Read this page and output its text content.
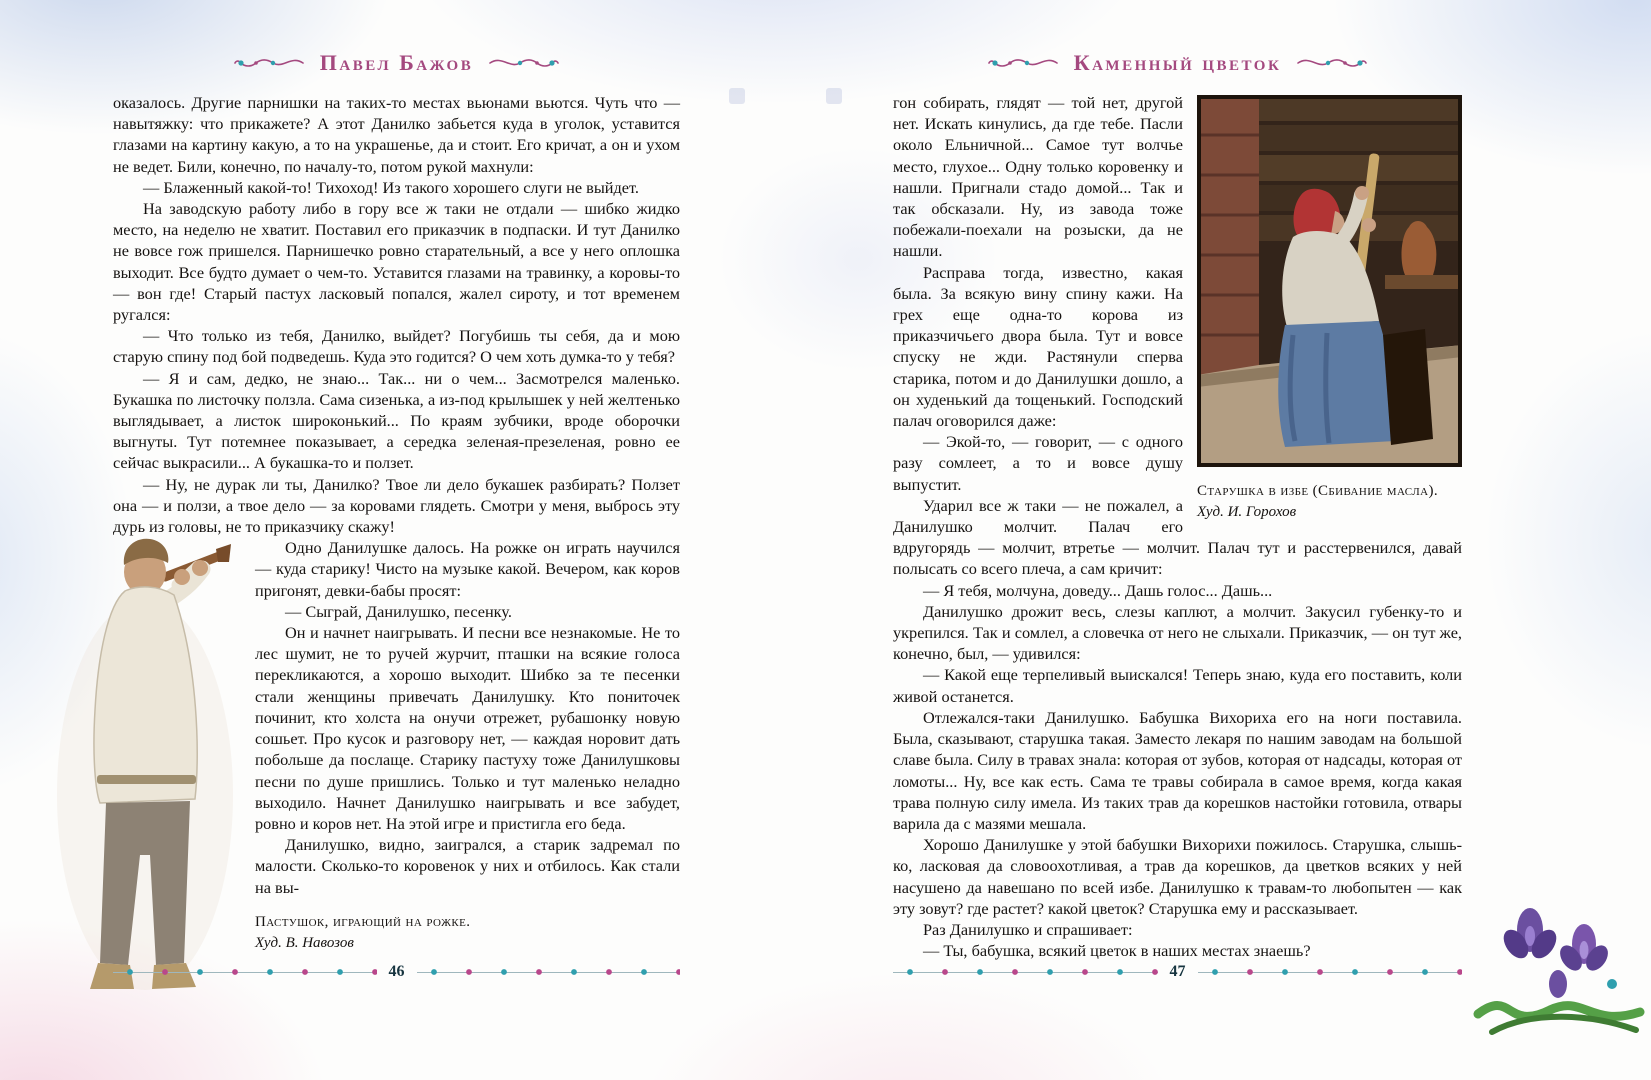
Павел Бажов	Каменный цветок

оказалось. Другие парнишки на таких-то местах вьюнами вьются. Чуть что — навытяжку: что прикажете? А этот Данилко забьется куда в уголок, уставится глазами на картину какую, а то на украшенье, да и стоит. Его кричат, а он и ухом не ведет. Били, конечно, по началу-то, потом рукой махнули:

— Блаженный какой-то! Тихоход! Из такого хорошего слуги не выйдет.

На заводскую работу либо в гору все ж таки не отдали — шибко жидко место, на неделю не хватит. Поставил его приказчик в подпаски. И тут Данилко не вовсе гож пришелся. Парнишечко ровно старательный, а все у него оплошка выходит. Все будто думает о чем-то. Уставится глазами на травинку, а коровы-то — вон где! Старый пастух ласковый попался, жалел сироту, и тот временем ругался:

— Что только из тебя, Данилко, выйдет? Погубишь ты себя, да и мою старую спину под бой подведешь. Куда это годится? О чем хоть думка-то у тебя?

— Я и сам, дедко, не знаю... Так... ни о чем... Засмотрелся маленько. Букашка по листочку ползла. Сама сизенька, а из-под крылышек у ней желтенько выглядывает, а листок широконький... По краям зубчики, вроде оборочки выгнуты. Тут потемнее показывает, а середка зеленая-презеленая, ровно ее сейчас выкрасили... А букашка-то и ползет.

— Ну, не дурак ли ты, Данилко? Твое ли дело букашек разбирать? Ползет она — и ползи, а твое дело — за коровами глядеть. Смотри у меня, выбрось эту дурь из головы, не то приказчику скажу!

Одно Данилушке далось. На рожке он играть научился — куда старику! Чисто на музыке какой. Вечером, как коров пригонят, девки-бабы просят:

— Сыграй, Данилушко, песенку.

Он и начнет наигрывать. И песни все незнакомые. Не то лес шумит, не то ручей журчит, пташки на всякие голоса перекликаются, а хорошо выходит. Шибко за те песенки стали женщины привечать Данилушку. Кто пониточек починит, кто холста на онучи отрежет, рубашонку новую сошьет. Про кусок и разговору нет, — каждая норовит дать побольше да послаще. Старику пастуху тоже Данилушковы песни по душе пришлись. Только и тут маленько неладно выходило. Начнет Данилушко наигрывать и все забудет, ровно и коров нет. На этой игре и пристигла его беда.

Данилушко, видно, заигрался, а старик задремал по малости. Сколько-то коровенок у них и отбилось. Как стали на вы-

Пастушок, играющий на рожке.
Худ. В. Навозов
Старушка в избе (Сбивание масла).
Худ. И. Горохов

гон собирать, глядят — той нет, другой нет. Искать кинулись, да где тебе. Пасли около Ельничной... Самое тут волчье место, глухое... Одну только коровенку и нашли. Пригнали стадо домой... Так и так обсказали. Ну, из завода тоже побежали-поехали на розыски, да не нашли.

Расправа тогда, известно, какая была. За всякую вину спину кажи. На грех еще одна-то корова из приказчичьего двора была. Тут и вовсе спуску не жди. Растянули сперва старика, потом и до Данилушки дошло, а он худенький да тощенький. Господский палач оговорился даже:

— Экой-то, — говорит, — с одного разу сомлеет, а то и вовсе душу выпустит.

Ударил все ж таки — не пожалел, а Данилушко молчит. Палач его вдругорядь — молчит, втретье — молчит. Палач тут и расстервенился, давай полысать со всего плеча, а сам кричит:

— Я тебя, молчуна, доведу... Дашь голос... Дашь...

Данилушко дрожит весь, слезы каплют, а молчит. Закусил губенку-то и укрепился. Так и сомлел, а словечка от него не слыхали. Приказчик, — он тут же, конечно, был, — удивился:

— Какой еще терпеливый выискался! Теперь знаю, куда его поставить, коли живой останется.

Отлежался-таки Данилушко. Бабушка Вихориха его на ноги поставила. Была, сказывают, старушка такая. Заместо лекаря по нашим заводам на большой славе была. Силу в травах знала: которая от зубов, которая от надсады, которая от ломоты... Ну, все как есть. Сама те травы собирала в самое время, когда какая трава полную силу имела. Из таких трав да корешков настойки готовила, отвары варила да с мазями мешала.

Хорошо Данилушке у этой бабушки Вихорихи пожилось. Старушка, слышь-ко, ласковая да словоохотливая, а трав да корешков, да цветков всяких у ней насушено да навешано по всей избе. Данилушко к травам-то любопытен — как эту зовут? где растет? какой цветок? Старушка ему и рассказывает.

Раз Данилушко и спрашивает:

— Ты, бабушка, всякий цветок в наших местах знаешь?

46	47
